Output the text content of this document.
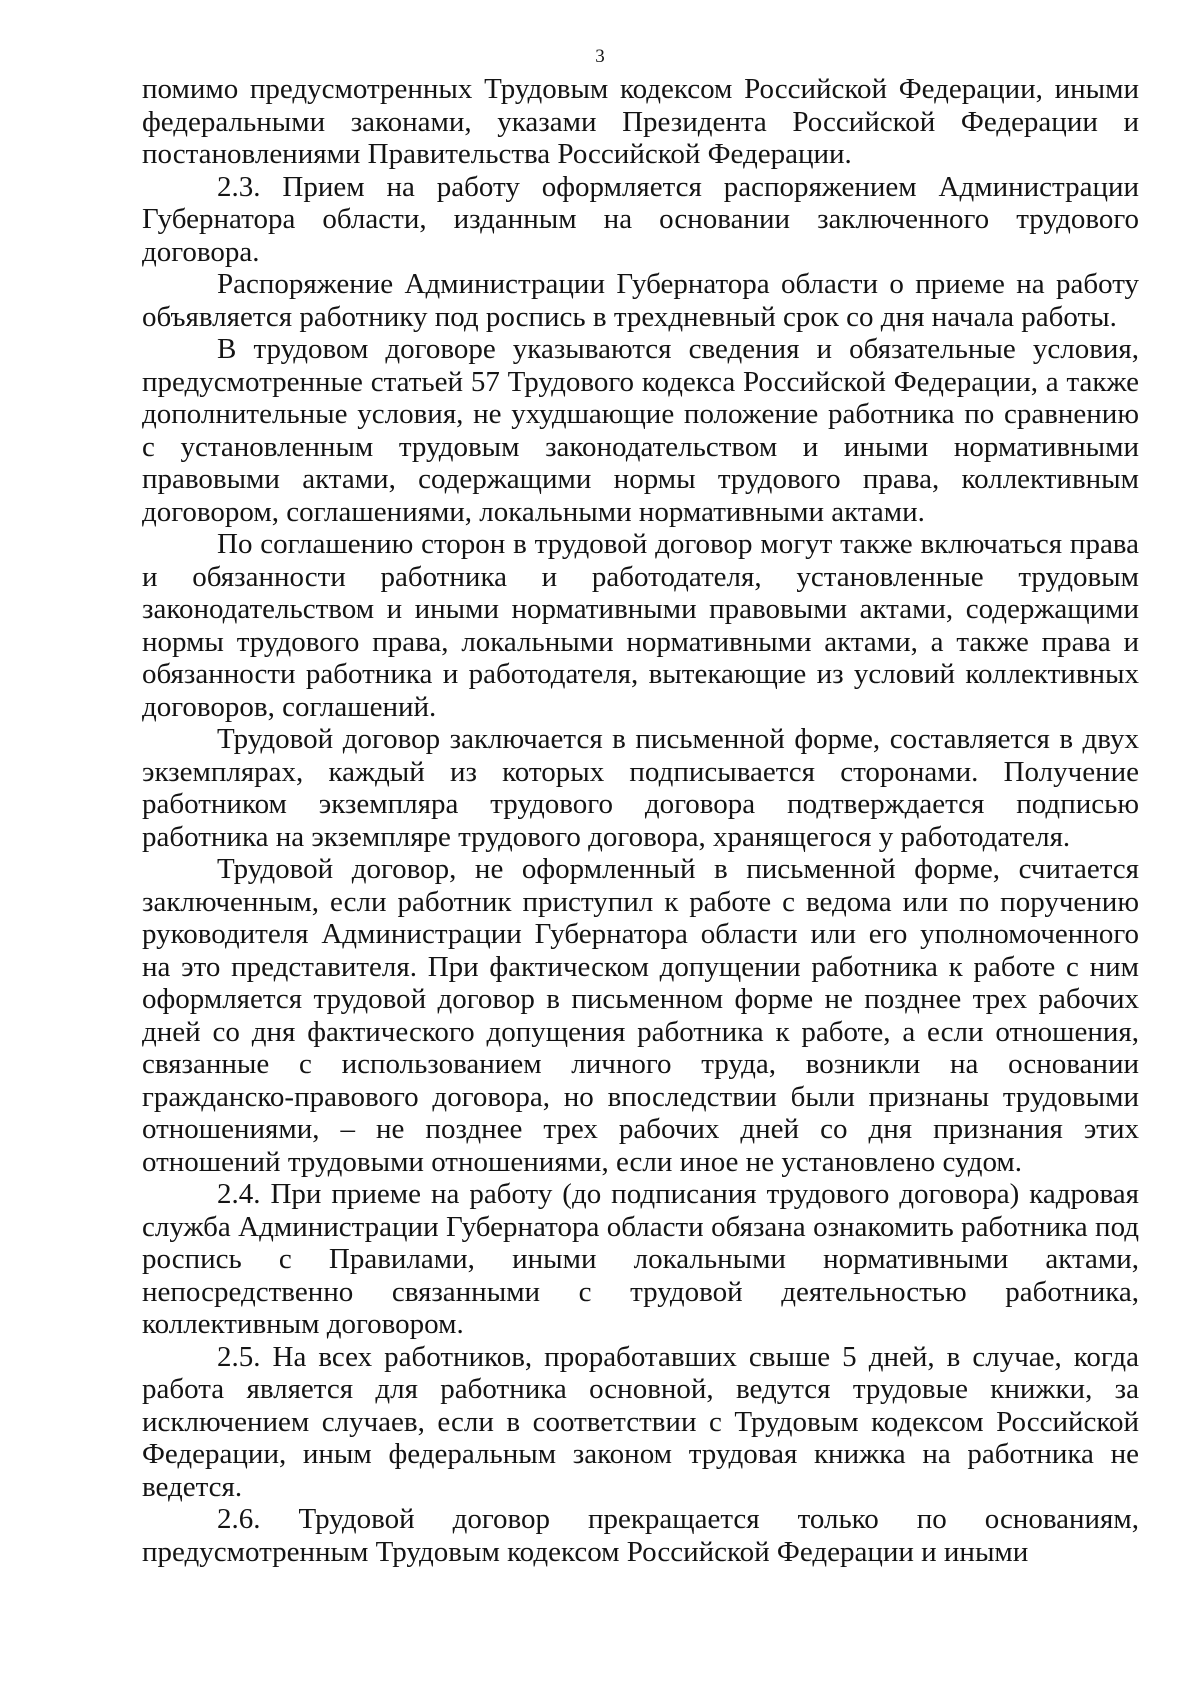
3

помимо предусмотренных Трудовым кодексом Российской Федерации, иными федеральными законами, указами Президента Российской Федерации и постановлениями Правительства Российской Федерации.

2.3. Прием на работу оформляется распоряжением Администрации Губернатора области, изданным на основании заключенного трудового договора.

Распоряжение Администрации Губернатора области о приеме на работу объявляется работнику под роспись в трехдневный срок со дня начала работы.

В трудовом договоре указываются сведения и обязательные условия, предусмотренные статьей 57 Трудового кодекса Российской Федерации, а также дополнительные условия, не ухудшающие положение работника по сравнению с установленным трудовым законодательством и иными нормативными правовыми актами, содержащими нормы трудового права, коллективным договором, соглашениями, локальными нормативными актами.

По соглашению сторон в трудовой договор могут также включаться права и обязанности работника и работодателя, установленные трудовым законодательством и иными нормативными правовыми актами, содержащими нормы трудового права, локальными нормативными актами, а также права и обязанности работника и работодателя, вытекающие из условий коллективных договоров, соглашений.

Трудовой договор заключается в письменной форме, составляется в двух экземплярах, каждый из которых подписывается сторонами. Получение работником экземпляра трудового договора подтверждается подписью работника на экземпляре трудового договора, хранящегося у работодателя.

Трудовой договор, не оформленный в письменной форме, считается заключенным, если работник приступил к работе с ведома или по поручению руководителя Администрации Губернатора области или его уполномоченного на это представителя. При фактическом допущении работника к работе с ним оформляется трудовой договор в письменном форме не позднее трех рабочих дней со дня фактического допущения работника к работе, а если отношения, связанные с использованием личного труда, возникли на основании гражданско-правового договора, но впоследствии были признаны трудовыми отношениями, – не позднее трех рабочих дней со дня признания этих отношений трудовыми отношениями, если иное не установлено судом.

2.4. При приеме на работу (до подписания трудового договора) кадровая служба Администрации Губернатора области обязана ознакомить работника под роспись с Правилами, иными локальными нормативными актами, непосредственно связанными с трудовой деятельностью работника, коллективным договором.

2.5. На всех работников, проработавших свыше 5 дней, в случае, когда работа является для работника основной, ведутся трудовые книжки, за исключением случаев, если в соответствии с Трудовым кодексом Российской Федерации, иным федеральным законом трудовая книжка на работника не ведется.

2.6. Трудовой договор прекращается только по основаниям, предусмотренным Трудовым кодексом Российской Федерации и иными
